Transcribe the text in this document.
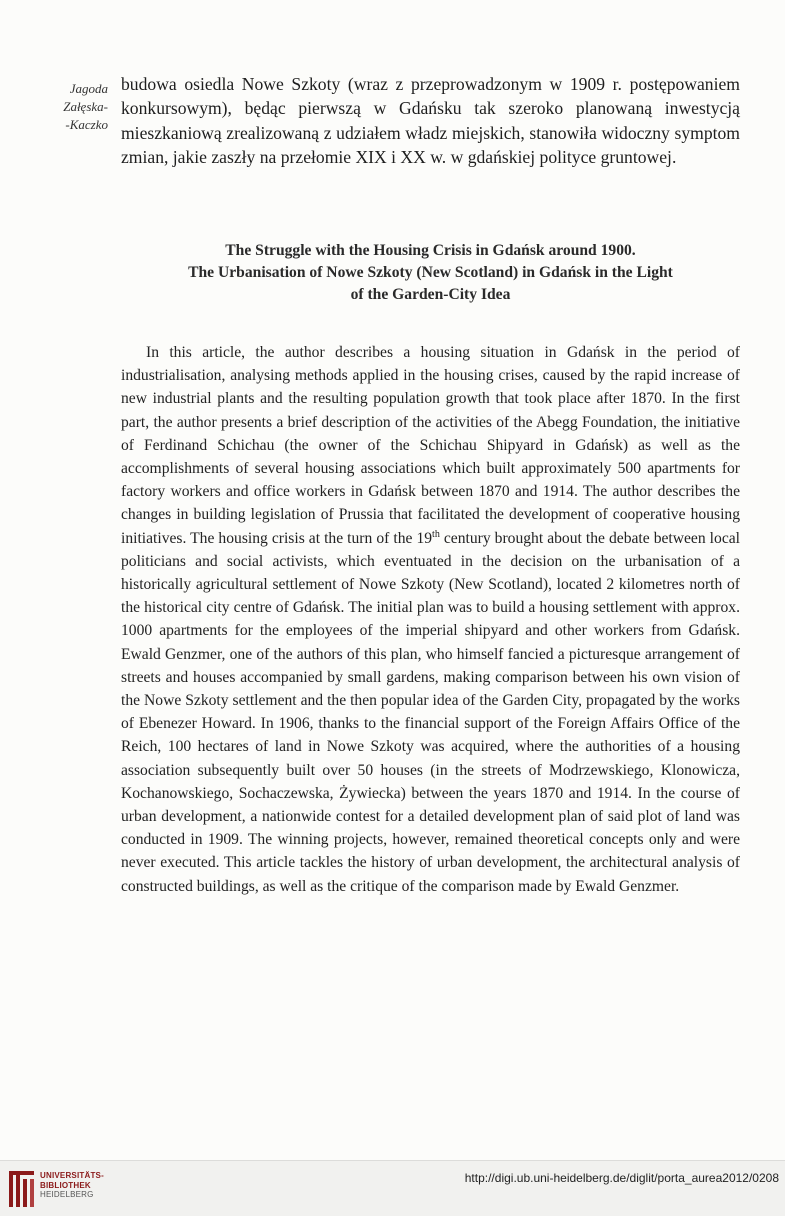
Jagoda
Załęska-
-Kaczko
budowa osiedla Nowe Szkoty (wraz z przeprowadzonym w 1909 r. postępowaniem konkursowym), będąc pierwszą w Gdańsku tak szeroko planowaną inwestycją mieszkaniową zrealizowaną z udziałem władz miejskich, stanowiła widoczny symptom zmian, jakie zaszły na przełomie XIX i XX w. w gdańskiej polityce gruntowej.
The Struggle with the Housing Crisis in Gdańsk around 1900.
The Urbanisation of Nowe Szkoty (New Scotland) in Gdańsk in the Light
of the Garden-City Idea

In this article, the author describes a housing situation in Gdańsk in the period of industrialisation, analysing methods applied in the housing crises, caused by the rapid increase of new industrial plants and the resulting population growth that took place after 1870. In the first part, the author presents a brief description of the activities of the Abegg Foundation, the initiative of Ferdinand Schichau (the owner of the Schichau Shipyard in Gdańsk) as well as the accomplishments of several housing associations which built approximately 500 apartments for factory workers and office workers in Gdańsk between 1870 and 1914. The author describes the changes in building legislation of Prussia that facilitated the development of cooperative housing initiatives. The housing crisis at the turn of the 19th century brought about the debate between local politicians and social activists, which eventuated in the decision on the urbanisation of a historically agricultural settlement of Nowe Szkoty (New Scotland), located 2 kilometres north of the historical city centre of Gdańsk. The initial plan was to build a housing settlement with approx. 1000 apartments for the employees of the imperial shipyard and other workers from Gdańsk. Ewald Genzmer, one of the authors of this plan, who himself fancied a picturesque arrangement of streets and houses accompanied by small gardens, making comparison between his own vision of the Nowe Szkoty settlement and the then popular idea of the Garden City, propagated by the works of Ebenezer Howard. In 1906, thanks to the financial support of the Foreign Affairs Office of the Reich, 100 hectares of land in Nowe Szkoty was acquired, where the authorities of a housing association subsequently built over 50 houses (in the streets of Modrzewskiego, Klonowicza, Kochanowskiego, Sochaczewska, Żywiecka) between the years 1870 and 1914. In the course of urban development, a nationwide contest for a detailed development plan of said plot of land was conducted in 1909. The winning projects, however, remained theoretical concepts only and were never executed. This article tackles the history of urban development, the architectural analysis of constructed buildings, as well as the critique of the comparison made by Ewald Genzmer.

UNIVERSITÄTS-
BIBLIOTHEK
HEIDELBERG
http://digi.ub.uni-heidelberg.de/diglit/porta_aurea2012/0208
